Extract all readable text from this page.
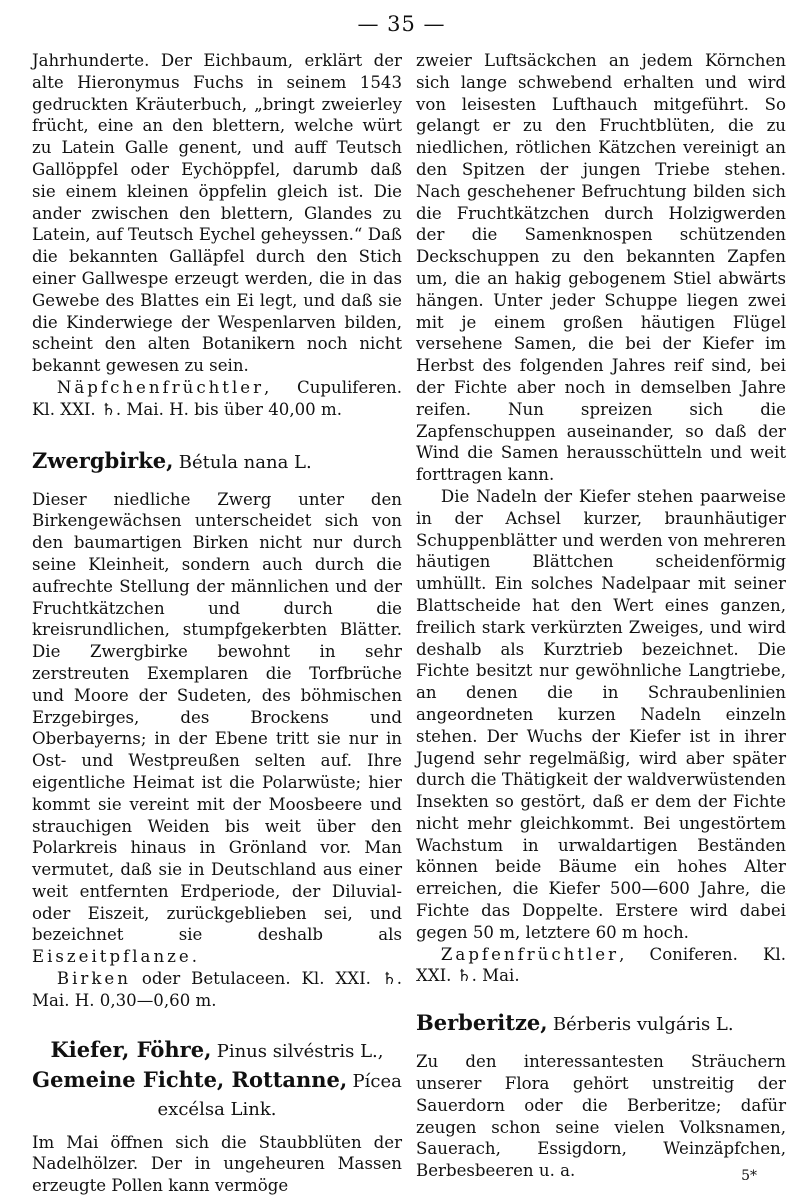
— 35 —

Jahrhunderte. Der Eichbaum, erklärt der alte Hieronymus Fuchs in seinem 1543 gedruckten Kräuterbuch, „bringt zweierley frücht, eine an den blettern, welche würt zu Latein Galle genent, und auff Teutsch Gallöppfel oder Eychöppfel, darumb daß sie einem kleinen öppfelin gleich ist. Die ander zwischen den blettern, Glandes zu Latein, auf Teutsch Eychel geheyssen.“ Daß die bekannten Galläpfel durch den Stich einer Gallwespe erzeugt werden, die in das Gewebe des Blattes ein Ei legt, und daß sie die Kinderwiege der Wespenlarven bilden, scheint den alten Botanikern noch nicht bekannt gewesen zu sein.

Näpfchenfrüchtler, Cupuliferen. Kl. XXI. ♄. Mai. H. bis über 40,00 m.

Zwergbirke, Bétula nana L.

Dieser niedliche Zwerg unter den Birkengewächsen unterscheidet sich von den baumartigen Birken nicht nur durch seine Kleinheit, sondern auch durch die aufrechte Stellung der männlichen und der Fruchtkätzchen und durch die kreisrundlichen, stumpfgekerbten Blätter. Die Zwergbirke bewohnt in sehr zerstreuten Exemplaren die Torfbrüche und Moore der Sudeten, des böhmischen Erzgebirges, des Brockens und Oberbayerns; in der Ebene tritt sie nur in Ost- und Westpreußen selten auf. Ihre eigentliche Heimat ist die Polarwüste; hier kommt sie vereint mit der Moosbeere und strauchigen Weiden bis weit über den Polarkreis hinaus in Grönland vor. Man vermutet, daß sie in Deutschland aus einer weit entfernten Erdperiode, der Diluvial- oder Eiszeit, zurückgeblieben sei, und bezeichnet sie deshalb als Eiszeitpflanze.

Birken oder Betulaceen. Kl. XXI. ♄. Mai. H. 0,30—0,60 m.

Kiefer, Föhre, Pinus silvéstris L.,
Gemeine Fichte, Rottanne, Pícea excélsa Link.

Im Mai öffnen sich die Staubblüten der Nadelhölzer. Der in ungeheuren Massen erzeugte Pollen kann vermöge

zweier Luftsäckchen an jedem Körnchen sich lange schwebend erhalten und wird von leisesten Lufthauch mitgeführt. So gelangt er zu den Fruchtblüten, die zu niedlichen, rötlichen Kätzchen vereinigt an den Spitzen der jungen Triebe stehen. Nach geschehener Befruchtung bilden sich die Fruchtkätzchen durch Holzigwerden der die Samenknospen schützenden Deckschuppen zu den bekannten Zapfen um, die an hakig gebogenem Stiel abwärts hängen. Unter jeder Schuppe liegen zwei mit je einem großen häutigen Flügel versehene Samen, die bei der Kiefer im Herbst des folgenden Jahres reif sind, bei der Fichte aber noch in demselben Jahre reifen. Nun spreizen sich die Zapfenschuppen auseinander, so daß der Wind die Samen herausschütteln und weit forttragen kann.

Die Nadeln der Kiefer stehen paarweise in der Achsel kurzer, braunhäutiger Schuppenblätter und werden von mehreren häutigen Blättchen scheidenförmig umhüllt. Ein solches Nadelpaar mit seiner Blattscheide hat den Wert eines ganzen, freilich stark verkürzten Zweiges, und wird deshalb als Kurztrieb bezeichnet. Die Fichte besitzt nur gewöhnliche Langtriebe, an denen die in Schraubenlinien angeordneten kurzen Nadeln einzeln stehen. Der Wuchs der Kiefer ist in ihrer Jugend sehr regelmäßig, wird aber später durch die Thätigkeit der waldverwüstenden Insekten so gestört, daß er dem der Fichte nicht mehr gleichkommt. Bei ungestörtem Wachstum in urwaldartigen Beständen können beide Bäume ein hohes Alter erreichen, die Kiefer 500—600 Jahre, die Fichte das Doppelte. Erstere wird dabei gegen 50 m, letztere 60 m hoch.

Zapfenfrüchtler, Coniferen. Kl. XXI. ♄. Mai.

Berberitze, Bérberis vulgáris L.

Zu den interessantesten Sträuchern unserer Flora gehört unstreitig der Sauerdorn oder die Berberitze; dafür zeugen schon seine vielen Volksnamen, Sauerach, Essigdorn, Weinzäpfchen, Berbesbeeren u. a.	5*
